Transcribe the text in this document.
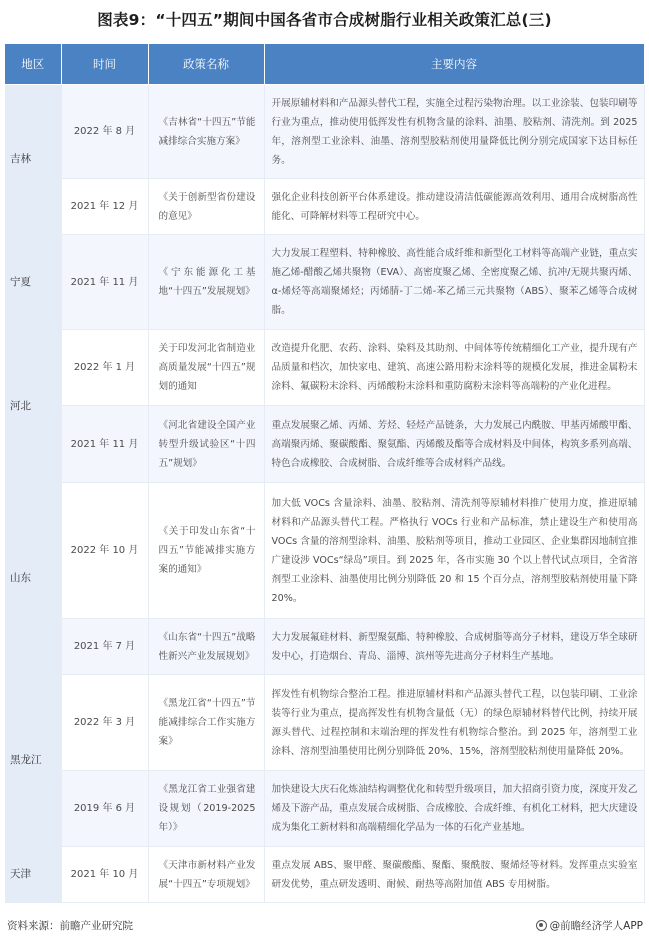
图表9：“十四五”期间中国各省市合成树脂行业相关政策汇总(三)
地区	时间	政策名称	主要内容
吉林	2022 年 8 月	《吉林省“十四五”节能减排综合实施方案》	开展原辅材料和产品源头替代工程，实施全过程污染物治理。以工业涂装、包装印刷等行业为重点，推动使用低挥发性有机物含量的涂料、油墨、胶粘剂、清洗剂。到 2025 年，溶剂型工业涂料、油墨、溶剂型胶粘剂使用量降低比例分别完成国家下达目标任务。
	2021 年 12 月	《关于创新型省份建设的意见》	强化企业科技创新平台体系建设。推动建设清洁低碳能源高效利用、通用合成树脂高性能化、可降解材料等工程研究中心。
宁夏	2021 年 11 月	《宁东能源化工基地“十四五”发展规划》	大力发展工程塑料、特种橡胶、高性能合成纤维和新型化工材料等高端产业链，重点实施乙烯-醋酸乙烯共聚物（EVA）、高密度聚乙烯、全密度聚乙烯、抗冲/无规共聚丙烯、α-烯烃等高端聚烯烃；丙烯腈-丁二烯-苯乙烯三元共聚物（ABS）、聚苯乙烯等合成树脂。
河北	2022 年 1 月	关于印发河北省制造业高质量发展“十四五”规划的通知	改造提升化肥、农药、涂料、染料及其助剂、中间体等传统精细化工产业，提升现有产品质量和档次，加快家电、建筑、高速公路用粉末涂料等的规模化发展，推进金属粉末涂料、氟碳粉末涂料、丙烯酸粉末涂料和重防腐粉末涂料等高端粉的产业化进程。
	2021 年 11 月	《河北省建设全国产业转型升级试验区“十四五”规划》	重点发展聚乙烯、丙烯、芳烃、轻烃产品链条，大力发展己内酰胺、甲基丙烯酸甲酯、高端聚丙烯、聚碳酸酯、聚氨酯、丙烯酸及酯等合成材料及中间体，构筑多系列高端、特色合成橡胶、合成树脂、合成纤维等合成材料产品线。
山东	2022 年 10 月	《关于印发山东省“十四五”节能减排实施方案的通知》	加大低 VOCs 含量涂料、油墨、胶粘剂、清洗剂等原辅材料推广使用力度，推进原辅材料和产品源头替代工程。严格执行 VOCs 行业和产品标准，禁止建设生产和使用高VOCs 含量的溶剂型涂料、油墨、胶粘剂等项目，推动工业园区、企业集群因地制宜推广建设涉 VOCs“绿岛”项目。到 2025 年，各市实施 30 个以上替代试点项目，全省溶剂型工业涂料、油墨使用比例分别降低 20 和 15 个百分点，溶剂型胶粘剂使用量下降20%。
	2021 年 7 月	《山东省“十四五”战略性新兴产业发展规划》	大力发展氟硅材料、新型聚氨酯、特种橡胶、合成树脂等高分子材料，建设万华全球研发中心，打造烟台、青岛、淄博、滨州等先进高分子材料生产基地。
黑龙江	2022 年 3 月	《黑龙江省“十四五”节能减排综合工作实施方案》	挥发性有机物综合整治工程。推进原辅材料和产品源头替代工程，以包装印刷、工业涂装等行业为重点，提高挥发性有机物含量低（无）的绿色原辅材料替代比例，持续开展源头替代、过程控制和末端治理的挥发性有机物综合整治。到 2025 年，溶剂型工业涂料、溶剂型油墨使用比例分别降低 20%、15%，溶剂型胶粘剂使用量降低 20%。
	2019 年 6 月	《黑龙江省工业强省建设规划（2019-2025年）》	加快建设大庆石化炼油结构调整优化和转型升级项目，加大招商引资力度，深度开发乙烯及下游产品，重点发展合成树脂、合成橡胶、合成纤维、有机化工材料，把大庆建设成为集化工新材料和高端精细化学品为一体的石化产业基地。
天津	2021 年 10 月	《天津市新材料产业发展“十四五”专项规划》	重点发展 ABS、聚甲醛、聚碳酸酯、聚酯、聚酰胺、聚烯烃等材料。发挥重点实验室研发优势，重点研发透明、耐候、耐热等高附加值 ABS 专用树脂。
资料来源：前瞻产业研究院	@前瞻经济学人APP
